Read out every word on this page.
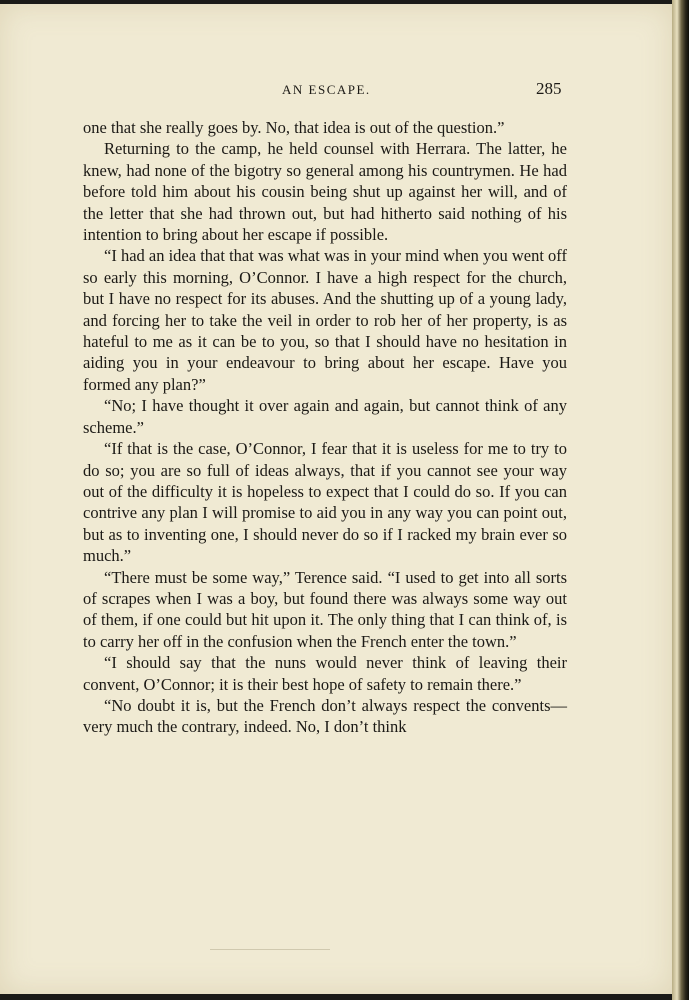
AN ESCAPE.	285

one that she really goes by. No, that idea is out of the question.”

Returning to the camp, he held counsel with Herrara. The latter, he knew, had none of the bigotry so general among his countrymen. He had before told him about his cousin being shut up against her will, and of the letter that she had thrown out, but had hitherto said nothing of his intention to bring about her escape if possible.

“I had an idea that that was what was in your mind when you went off so early this morning, O’Connor. I have a high respect for the church, but I have no respect for its abuses. And the shutting up of a young lady, and forcing her to take the veil in order to rob her of her property, is as hateful to me as it can be to you, so that I should have no hesitation in aiding you in your endeavour to bring about her escape. Have you formed any plan?”

“No; I have thought it over again and again, but cannot think of any scheme.”

“If that is the case, O’Connor, I fear that it is useless for me to try to do so; you are so full of ideas always, that if you cannot see your way out of the difficulty it is hopeless to expect that I could do so. If you can contrive any plan I will promise to aid you in any way you can point out, but as to inventing one, I should never do so if I racked my brain ever so much.”

“There must be some way,” Terence said. “I used to get into all sorts of scrapes when I was a boy, but found there was always some way out of them, if one could but hit upon it. The only thing that I can think of, is to carry her off in the confusion when the French enter the town.”

“I should say that the nuns would never think of leaving their convent, O’Connor; it is their best hope of safety to remain there.”

“No doubt it is, but the French don’t always respect the convents—very much the contrary, indeed. No, I don’t think
